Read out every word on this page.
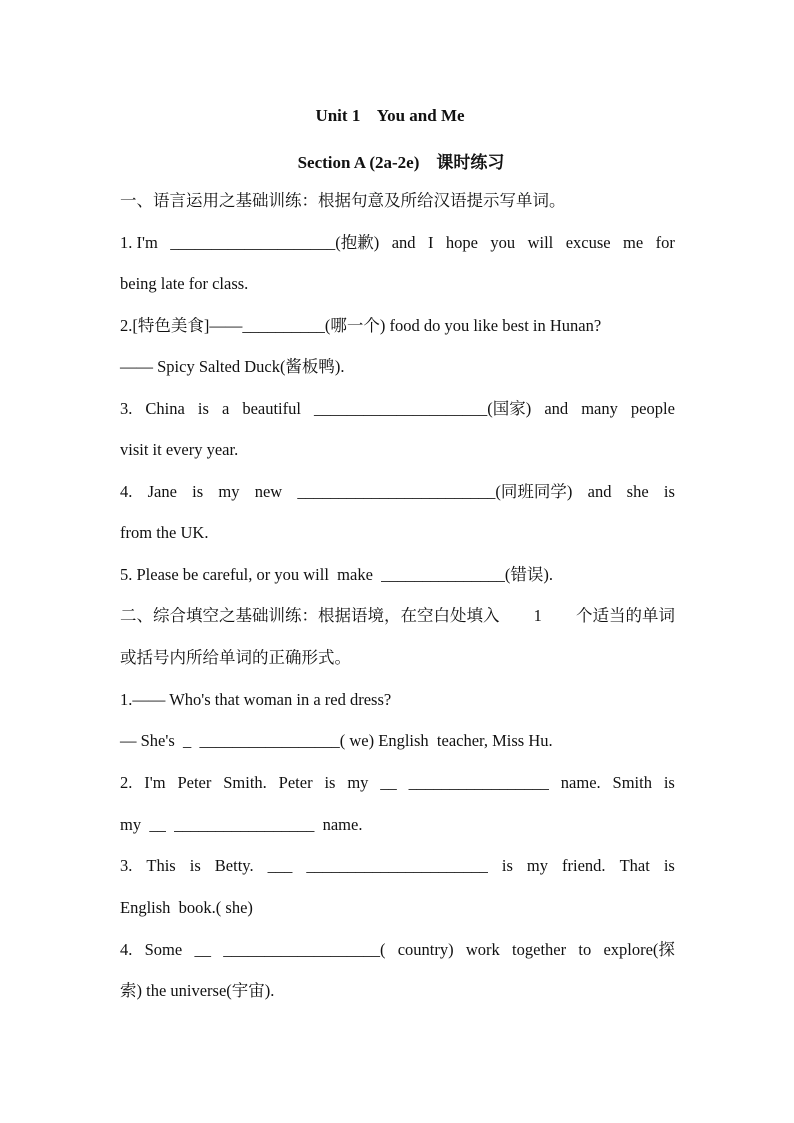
Unit 1    You and Me
Section A (2a-2e)    课时练习
一、语言运用之基础训练：根据句意及所给汉语提示写单词。
1. I'm ____________________(抱歉) and I hope you will excuse me for
being late for class.
2.[特色美食]——__________(哪一个) food do you like best in Hunan?
—— Spicy Salted Duck(酱板鸭).
3. China is a beautiful _____________________(国家) and many people
visit it every year.
4. Jane is my new ________________________(同班同学) and she is
from the UK.
5. Please be careful, or you will  make  _______________(错误).
二、综合填空之基础训练：根据语境，在空白处填入 1 个适当的单词
或括号内所给单词的正确形式。
1.—— Who's that woman in a red dress?
— She's  _  _________________( we) English  teacher, Miss Hu.
2. I'm Peter Smith. Peter is my __ _________________ name. Smith is
my  __  _________________  name.
3. This is Betty. ___ ______________________ is my friend. That is
English  book.( she)
4. Some __ ___________________( country) work together to explore(探
索) the universe(宇宙).
